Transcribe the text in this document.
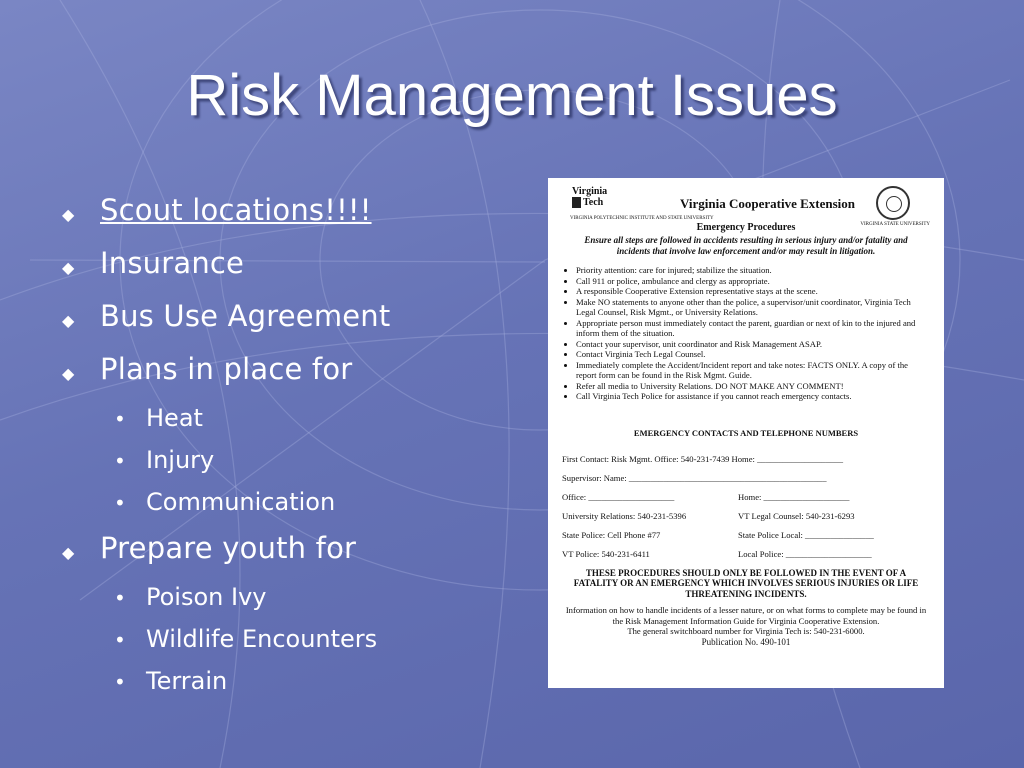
Risk Management Issues
◆ Scout locations!!!!
◆ Insurance
◆ Bus Use Agreement
◆ Plans in place for
• Heat
• Injury
• Communication
◆ Prepare youth for
• Poison Ivy
• Wildlife Encounters
• Terrain
Virginia
Tech
VIRGINIA POLYTECHNIC INSTITUTE AND STATE UNIVERSITY
Virginia Cooperative Extension
VIRGINIA STATE UNIVERSITY
Emergency Procedures
Ensure all steps are followed in accidents resulting in serious injury and/or fatality and incidents that involve law enforcement and/or may result in litigation.
• Priority attention: care for injured; stabilize the situation.
• Call 911 or police, ambulance and clergy as appropriate.
• A responsible Cooperative Extension representative stays at the scene.
• Make NO statements to anyone other than the police, a supervisor/unit coordinator, Virginia Tech Legal Counsel, Risk Mgmt., or University Relations.
• Appropriate person must immediately contact the parent, guardian or next of kin to the injured and inform them of the situation.
• Contact your supervisor, unit coordinator and Risk Management ASAP.
• Contact Virginia Tech Legal Counsel.
• Immediately complete the Accident/Incident report and take notes: FACTS ONLY. A copy of the report form can be found in the Risk Mgmt. Guide.
• Refer all media to University Relations. DO NOT MAKE ANY COMMENT!
• Call Virginia Tech Police for assistance if you cannot reach emergency contacts.
EMERGENCY CONTACTS AND TELEPHONE NUMBERS
First Contact: Risk Mgmt. Office: 540-231-7439 Home: ____________________
Supervisor: Name: ______________________________________________
Office: ____________________	Home: ____________________
University Relations: 540-231-5396	VT Legal Counsel: 540-231-6293
State Police: Cell Phone #77	State Police Local: ________________
VT Police: 540-231-6411	Local Police: ____________________
THESE PROCEDURES SHOULD ONLY BE FOLLOWED IN THE EVENT OF A FATALITY OR AN EMERGENCY WHICH INVOLVES SERIOUS INJURIES OR LIFE THREATENING INCIDENTS.
Information on how to handle incidents of a lesser nature, or on what forms to complete may be found in the Risk Management Information Guide for Virginia Cooperative Extension.
The general switchboard number for Virginia Tech is: 540-231-6000.
Publication No. 490-101
